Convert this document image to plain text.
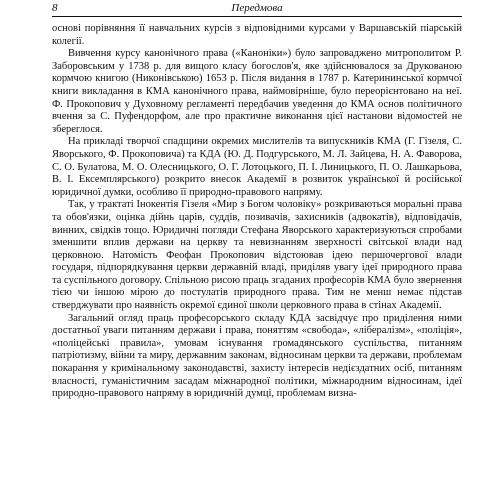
8	Передмова

основі порівняння її навчальних курсів з відповідними курсами у Варшавській піарській колегії.

Вивчення курсу канонічного права («Каноніки») було запроваджено митрополитом Р. Заборовським у 1738 р. для вищого класу богослов'я, яке здійснювалося за Друкованою кормчою книгою (Никонівською) 1653 р. Після видання в 1787 р. Катерининської кормчої книги викладання в КМА канонічного права, наймовірніше, було переорієнтовано на неї. Ф. Прокопович у Духовному регламенті передбачив уведення до КМА основ політичного вчення за С. Пуфендорфом, але про практичне виконання цієї настанови відомостей не збереглося.

На прикладі творчої спадщини окремих мислителів та випускників КМА (Г. Гізеля, С. Яворського, Ф. Прокоповича) та КДА (Ю. Д. Подгурського, М. Л. Зайцева, Н. А. Фаворова, С. О. Булатова, М. О. Олесницького, О. Г. Лотоцького, П. І. Линицького, П. О. Лашкарьова, В. І. Ексемплярського) розкрито внесок Академії в розвиток української й російської юридичної думки, особливо її природно-правового напряму.

Так, у трактаті Інокентія Гізеля «Мир з Богом чоловіку» розкриваються моральні права та обов'язки, оцінка дійнь царів, суддів, позивачів, захисників (адвокатів), відповідачів, винних, свідків тощо. Юридичні погляди Стефана Яворського характеризуються спробами зменшити вплив держави на церкву та невизнанням зверхності світської влади над церковною. Натомість Феофан Прокопович відстоював ідею першочергової влади государя, підпорядкування церкви державній владі, приділяв увагу ідеї природного права та суспільного договору. Спільною рисою праць згаданих професорів КМА було звернення тією чи іншою мірою до постулатів природного права. Тим не менш немає підстав стверджувати про наявність окремої єдиної школи церковного права в стінах Академії.

Загальний огляд праць професорського складу КДА засвідчує про приділення ними достатньої уваги питанням держави і права, поняттям «свобода», «лібералізм», «поліція», «поліцейські правила», умовам існування громадянського суспільства, питанням патріотизму, війни та миру, державним законам, відносинам церкви та держави, проблемам покарання у кримінальному законодавстві, захисту інтересів недієздатних осіб, питанням власності, гуманістичним засадам міжнародної політики, міжнародним відносинам, ідеї природно-правового напряму в юридичній думці, проблемам визна-
